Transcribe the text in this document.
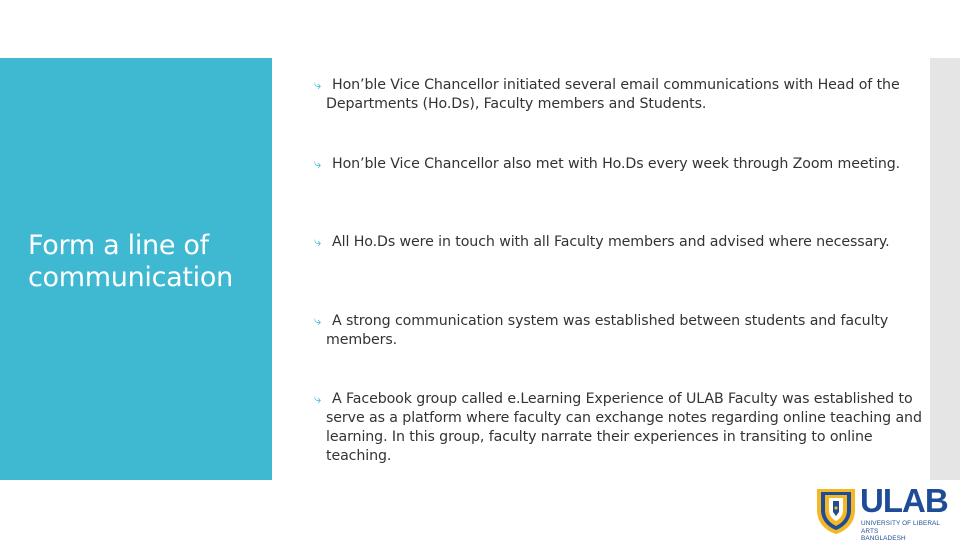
Form a line of communication
⤷ Hon’ble Vice Chancellor initiated several email communications with Head of the Departments (Ho.Ds), Faculty members and Students.
⤷ Hon’ble Vice Chancellor also met with Ho.Ds every week through Zoom meeting.
⤷ All Ho.Ds were in touch with all Faculty members and advised where necessary.
⤷ A strong communication system was established between students and faculty members.
⤷ A Facebook group called e.Learning Experience of ULAB Faculty was established to serve as a platform where faculty can exchange notes regarding online teaching and learning. In this group, faculty narrate their experiences in transiting to online teaching.
ULAB
UNIVERSITY OF LIBERAL ARTS
BANGLADESH
